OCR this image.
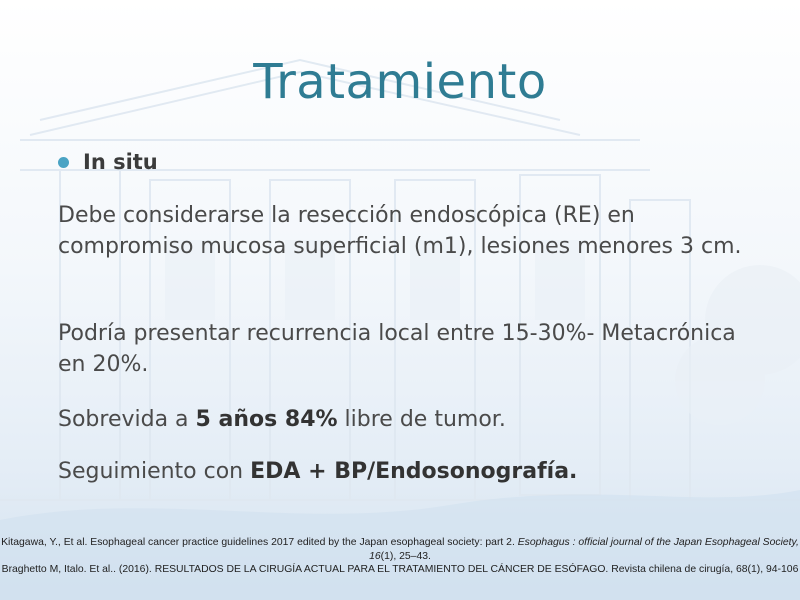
Tratamiento
In situ
Debe considerarse la resección endoscópica (RE) en compromiso mucosa superficial (m1), lesiones menores 3 cm.
Podría presentar recurrencia local entre 15-30%- Metacrónica en 20%.
Sobrevida a 5 años 84% libre de tumor.
Seguimiento con EDA + BP/Endosonografía.
Kitagawa, Y., Et al. Esophageal cancer practice guidelines 2017 edited by the Japan esophageal society: part 2. Esophagus : official journal of the Japan Esophageal Society, 16(1), 25–43.
Braghetto M, Italo. Et al.. (2016). RESULTADOS DE LA CIRUGÍA ACTUAL PARA EL TRATAMIENTO DEL CÁNCER DE ESÓFAGO. Revista chilena de cirugía, 68(1), 94-106
